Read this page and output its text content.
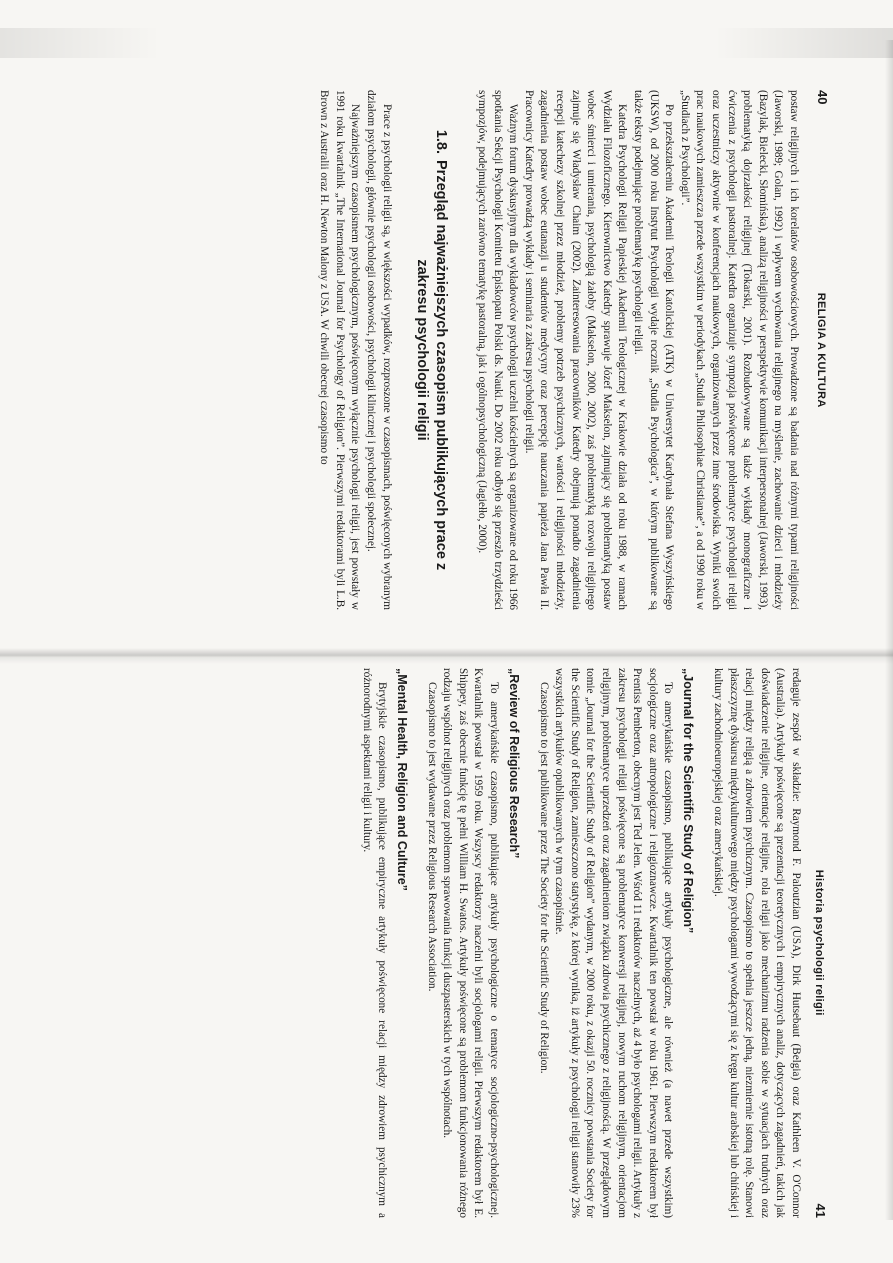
40
RELIGIA A KULTURA

postaw religijnych i ich korelatów osobowościowych. Prowadzone są badania nad różnymi typami religijności (Jaworski, 1989; Golan, 1992) i wpływem wychowania religijnego na myślenie, zachowanie dzieci i młodzieży (Bazylak, Bielecki, Słomińska), analizą religijności w perspektywie komunikacji interpersonalnej (Jaworski, 1993), problematyką dojrzałości religijnej (Tokarski, 2001). Rozbudowywane są także wykłady monograficzne i ćwiczenia z psychologii pastoralnej. Katedra organizuje sympozja poświęcone problematyce psychologii religii oraz uczestniczy aktywnie w konferencjach naukowych, organizowanych przez inne środowiska. Wyniki swoich prac naukowych zamieszcza przede wszystkim w periodykach „Studia Philosophiae Christianae”, a od 1990 roku w „Studiach z Psychologii”.

Po przekształceniu Akademii Teologii Katolickiej (ATK) w Uniwersytet Kardynała Stefana Wyszyńskiego (UKSW), od 2000 roku Instytut Psychologii wydaje rocznik „Studia Psychologica”, w którym publikowane są także teksty podejmujące problematykę psychologii religii.

Katedra Psychologii Religii Papieskiej Akademii Teologicznej w Krakowie działa od roku 1988, w ramach Wydziału Filozoficznego. Kierownictwo Katedry sprawuje Józef Makselon, zajmujący się problematyką postaw wobec śmierci i umierania, psychologią żałoby (Makselon, 2000, 2002), zaś problematyką rozwoju religijnego zajmuje się Władysław Chaim (2002). Zainteresowania pracowników Katedry obejmują ponadto zagadnienia recepcji katechezy szkolnej przez młodzież, problemy potrzeb psychicznych, wartości i religijności młodzieży, zagadnienia postaw wobec eutanazji u studentów medycyny oraz percepcję nauczania papieża Jana Pawła II. Pracownicy Katedry prowadzą wykłady i seminaria z zakresu psychologii religii.

Ważnym forum dyskusyjnym dla wykładowców psychologii uczelni kościelnych są organizowane od roku 1966 spotkania Sekcji Psychologii Komitetu Episkopatu Polski ds. Nauki. Do 2002 roku odbyło się przeszło trzydzieści sympozjów, podejmujących zarówno tematykę pastoralną, jak i ogólnopsychologiczną (Jagiełło, 2000).

1.8.Przegląd najważniejszych czasopism publikujących prace z zakresu psychologii religii

Prace z psychologii religii są, w większości wypadków, rozproszone w czasopismach, poświęconych wybranym działom psychologii, głównie psychologii osobowości, psychologii klinicznej i psychologii społecznej.

Najważniejszym czasopismem psychologicznym, poświęconym wyłącznie psychologii religii, jest powstały w 1991 roku kwartalnik „The International Journal for Psychology of Religion”. Pierwszymi redaktorami byli L.B. Brown z Australii oraz H. Newton Malony z USA. W chwili obecnej czasopismo to

Historia psychologii religii
41

redaguje zespół w składzie: Raymond F. Paloutzian (USA), Dirk Hutsebaut (Belgia) oraz Kathleen V. O'Connor (Australia). Artykuły poświęcone są prezentacji teoretycznych i empirycznych analiz, dotyczących zagadnień, takich jak doświadczenie religijne, orientacje religijne, rola religii jako mechanizmu radzenia sobie w sytuacjach trudnych oraz relacji między religią a zdrowiem psychicznym. Czasopismo to spełnia jeszcze jedną, niezmiernie istotną rolę. Stanowi płaszczyznę dyskursu międzykulturowego między psychologami wywodzącymi się z kręgu kultur arabskiej lub chińskiej i kultury zachodnioeuropejskiej oraz amerykańskiej.

„Journal for the Scientific Study of Religion”

To amerykańskie czasopismo, publikujące artykuły psychologiczne, ale również (a nawet przede wszystkim) socjologiczne oraz antropologiczne i religioznawcze. Kwartalnik ten powstał w roku 1961. Pierwszym redaktorem był Prentiss Pemberton, obecnym jest Ted Jelen. Wśród 11 redaktorów naczelnych, aż 4 było psychologami religii. Artykuły z zakresu psychologii religii poświęcone są problematyce konwersji religijnej, nowym ruchom religijnym, orientacjom religijnym, problematyce uprzedzeń oraz zagadnieniom związku zdrowia psychicznego z religijnością. W przeglądowym tomie „Journal for the Scientific Study of Religion” wydanym, w 2000 roku, z okazji 50. rocznicy powstania Society for the Scientific Study of Religion, zamieszczono statystykę, z której wynika, iż artykuły z psychologii religii stanowiły 23% wszystkich artykułów opublikowanych w tym czasopiśmie.

Czasopismo to jest publikowane przez The Society for the Scientific Study of Religion.

„Review of Religious Research”

To amerykańskie czasopismo, publikujące artykuły psychologiczne o tematyce socjologiczno-psychologicznej. Kwartalnik powstał w 1959 roku. Wszyscy redaktorzy naczelni byli socjologami religii. Pierwszym redaktorem był E. Shippey, zaś obecnie funkcję tę pełni William H. Swatos. Artykuły poświęcone są problemom funkcjonowania różnego rodzaju wspólnot religijnych oraz problemom sprawowania funkcji duszpasterskich w tych wspólnotach.

Czasopismo to jest wydawane przez Religious Research Association.

„Mental Health, Religion and Culture”

Brytyjskie czasopismo, publikujące empiryczne artykuły poświęcone relacji między zdrowiem psychicznym a różnorodnymi aspektami religii i kultury.
